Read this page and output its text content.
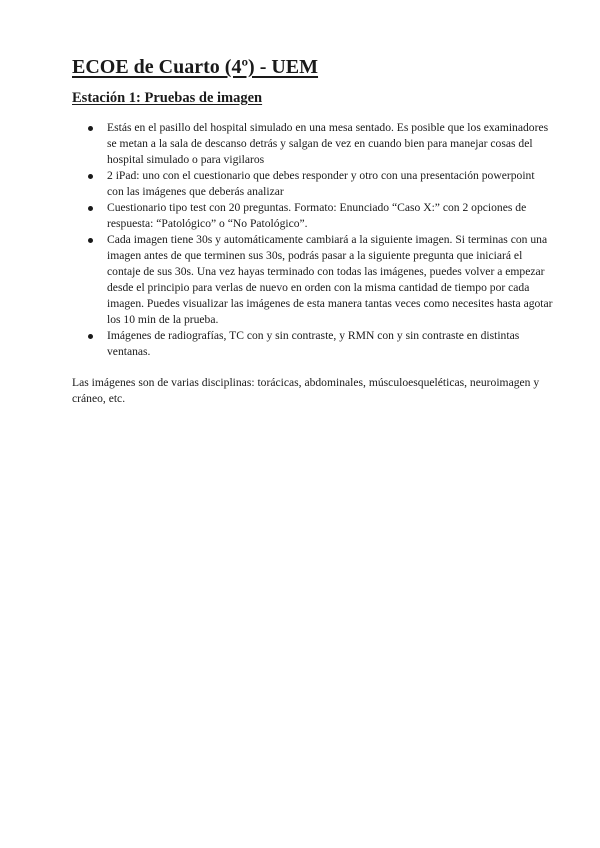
ECOE de Cuarto (4º) - UEM
Estación 1: Pruebas de imagen
Estás en el pasillo del hospital simulado en una mesa sentado. Es posible que los examinadores se metan a la sala de descanso detrás y salgan de vez en cuando bien para manejar cosas del hospital simulado o para vigilaros
2 iPad: uno con el cuestionario que debes responder y otro con una presentación powerpoint con las imágenes que deberás analizar
Cuestionario tipo test con 20 preguntas. Formato: Enunciado “Caso X:” con 2 opciones de respuesta: “Patológico” o “No Patológico”.
Cada imagen tiene 30s y automáticamente cambiará a la siguiente imagen. Si terminas con una imagen antes de que terminen sus 30s, podrás pasar a la siguiente pregunta que iniciará el contaje de sus 30s. Una vez hayas terminado con todas las imágenes, puedes volver a empezar desde el principio para verlas de nuevo en orden con la misma cantidad de tiempo por cada imagen. Puedes visualizar las imágenes de esta manera tantas veces como necesites hasta agotar los 10 min de la prueba.
Imágenes de radiografías, TC con y sin contraste, y RMN con y sin contraste en distintas ventanas.

Las imágenes son de varias disciplinas: torácicas, abdominales, músculoesqueléticas, neuroimagen y cráneo, etc.
